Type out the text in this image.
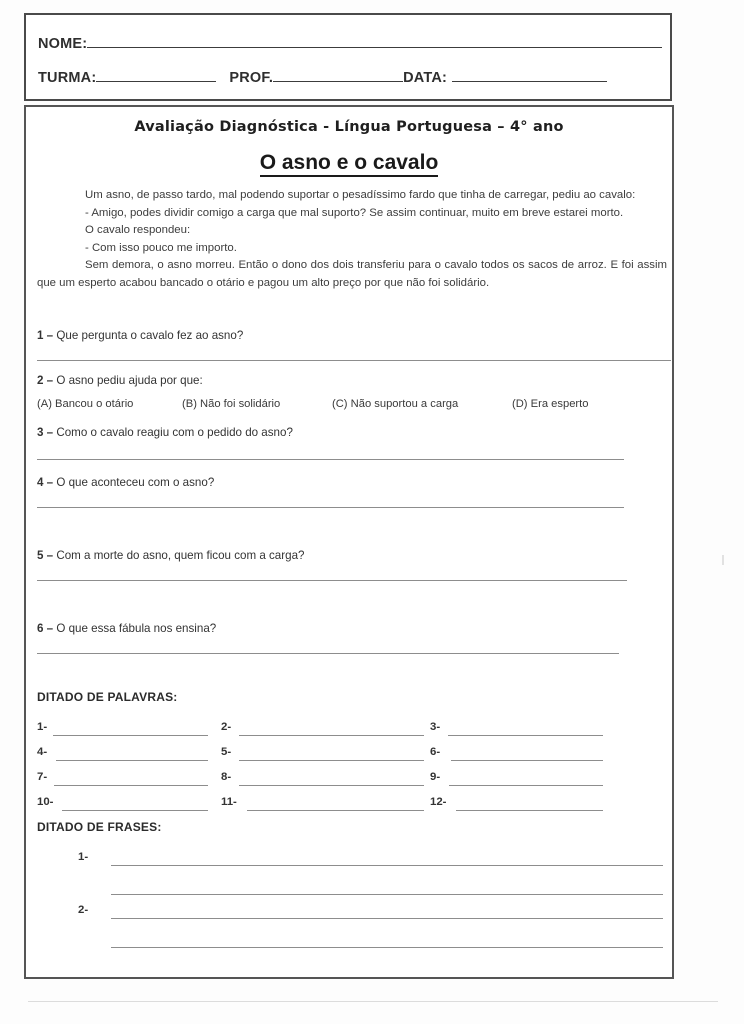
NOME:
TURMA:	PROF.	DATA:
Avaliação Diagnóstica - Língua Portuguesa – 4° ano
O asno e o cavalo

Um asno, de passo tardo, mal podendo suportar o pesadíssimo fardo que tinha de carregar, pediu ao cavalo:

- Amigo, podes dividir comigo a carga que mal suporto? Se assim continuar, muito em breve estarei morto.

O cavalo respondeu:

- Com isso pouco me importo.

Sem demora, o asno morreu. Então o dono dos dois transferiu para o cavalo todos os sacos de arroz. E foi assim que um esperto acabou bancado o otário e pagou um alto preço por que não foi solidário.

1 – Que pergunta o cavalo fez ao asno?
2 – O asno pediu ajuda por que:
(A) Bancou o otário	(B) Não foi solidário	(C) Não suportou a carga	(D) Era esperto
3 – Como o cavalo reagiu com o pedido do asno?
4 – O que aconteceu com o asno?
5 – Com a morte do asno, quem ficou com a carga?
6 – O que essa fábula nos ensina?
DITADO DE PALAVRAS:
1-	2-	3-
4-	5-	6-
7-	8-	9-
10-	11-	12-
DITADO DE FRASES:
1-
2-
